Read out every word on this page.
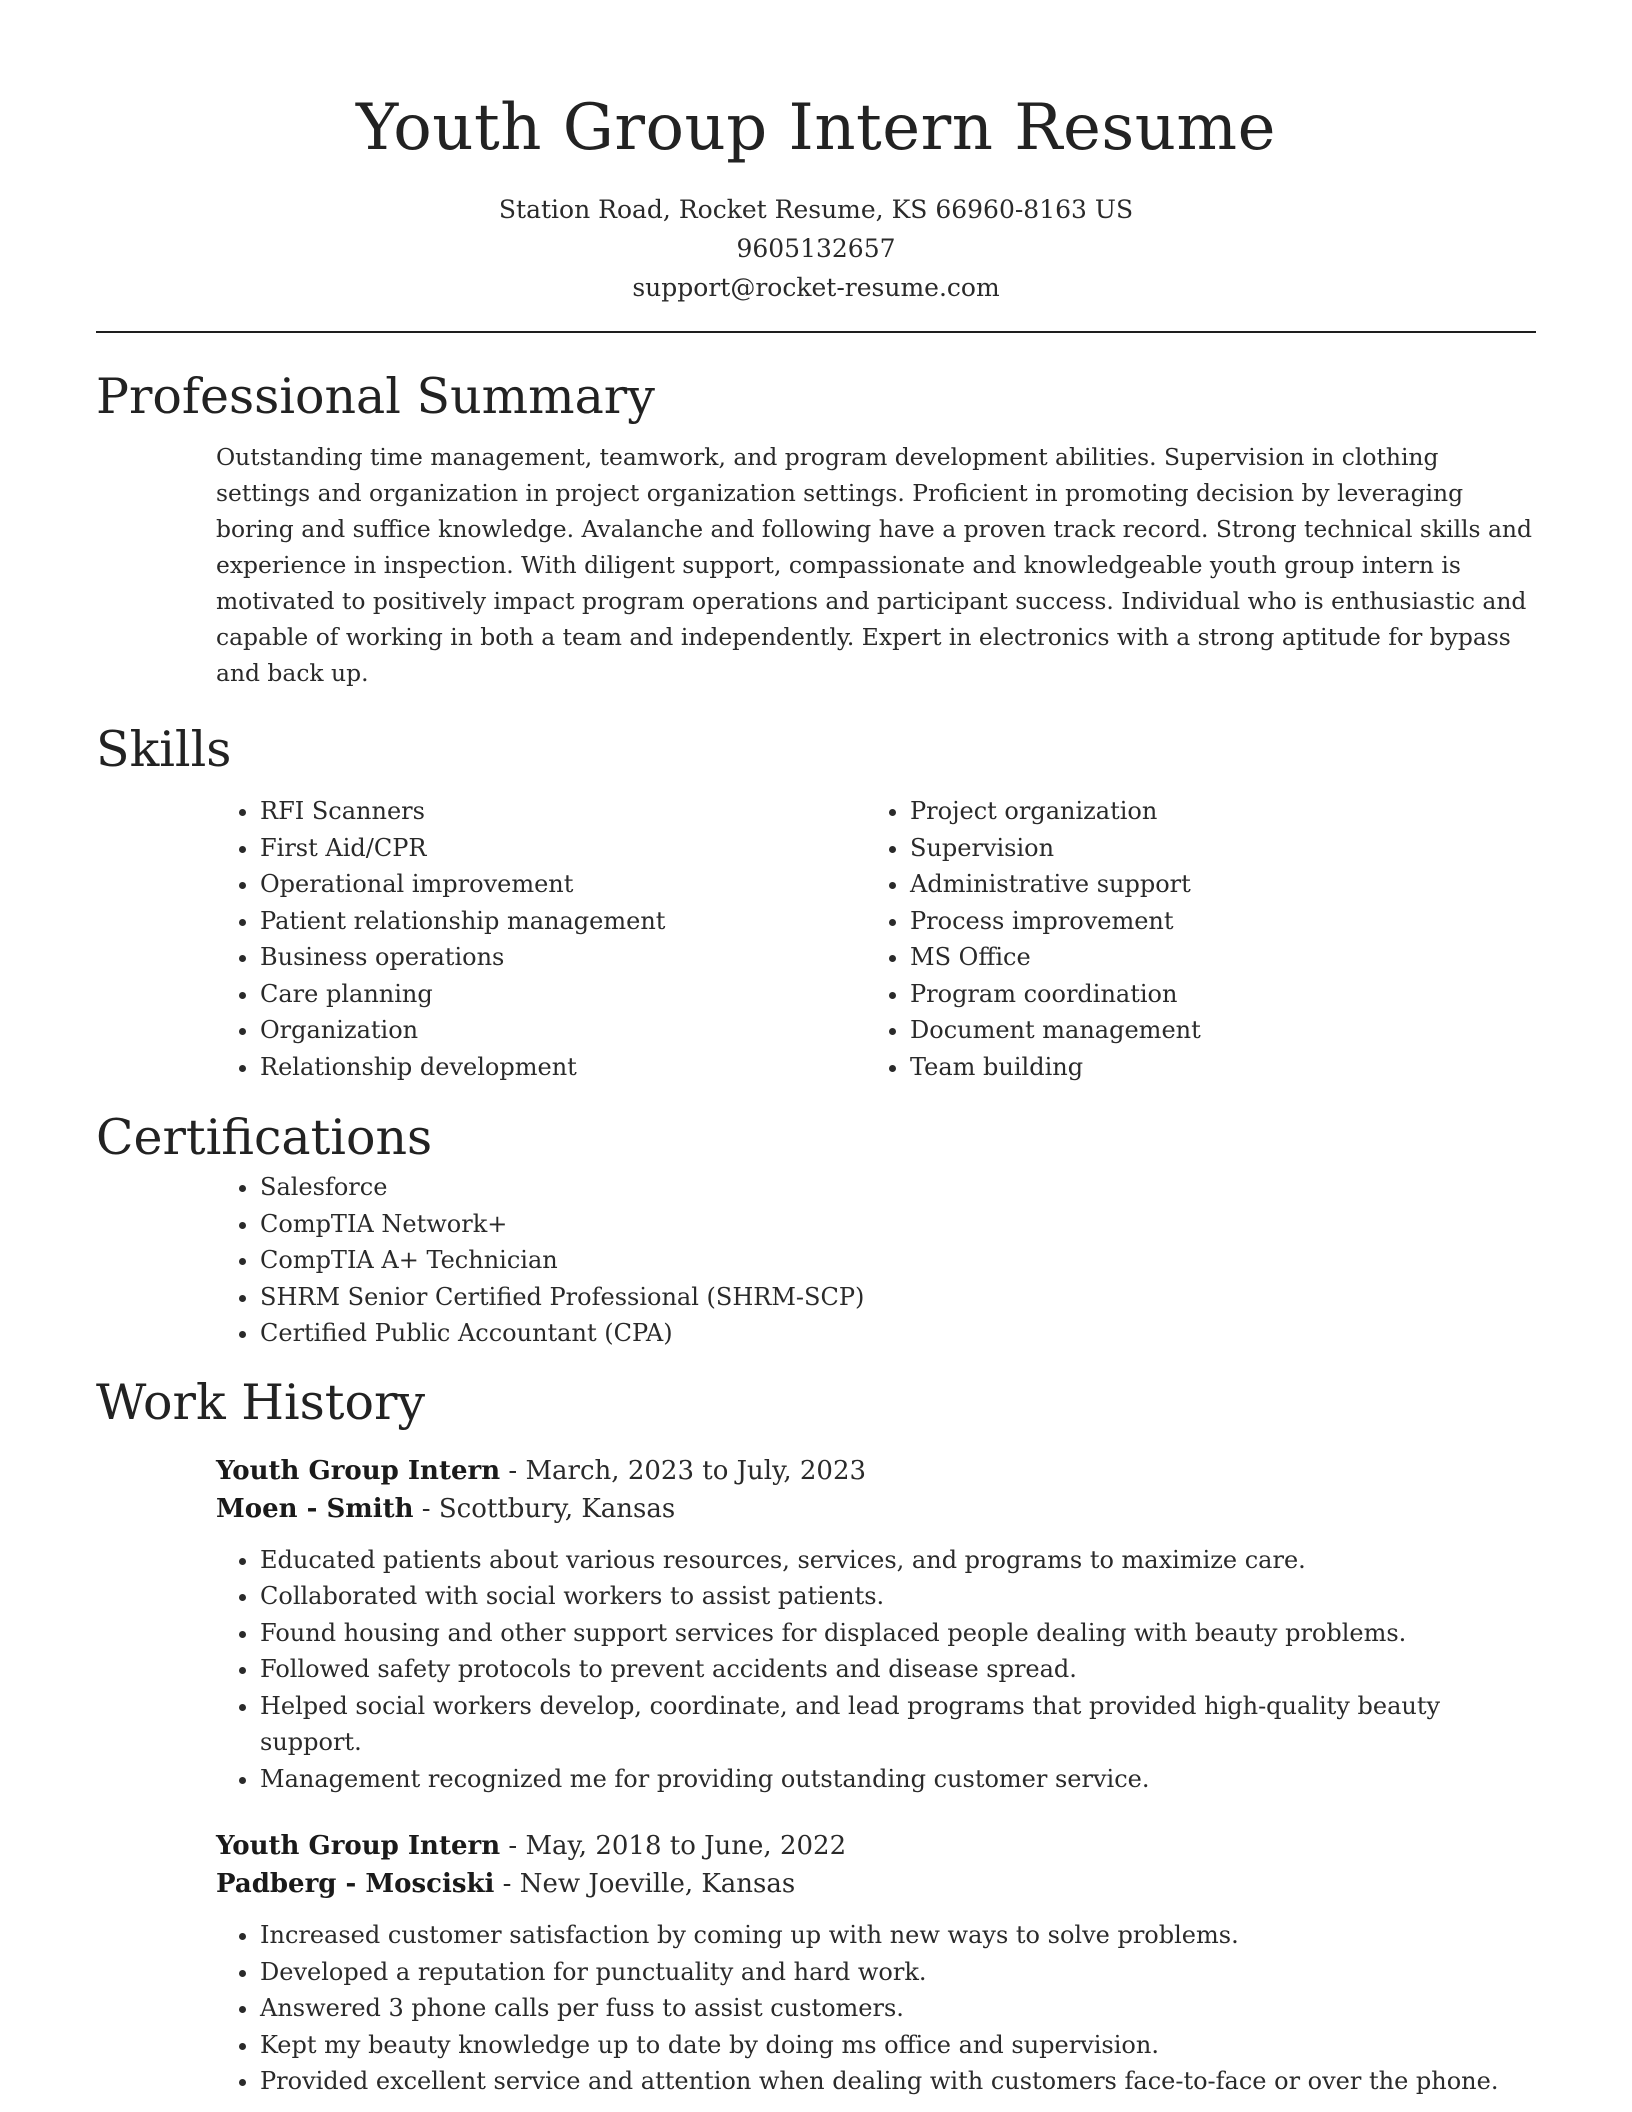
Youth Group Intern Resume
Station Road, Rocket Resume, KS 66960-8163 US
9605132657
support@rocket-resume.com
Professional Summary

Outstanding time management, teamwork, and program development abilities. Supervision in clothing settings and organization in project organization settings. Proficient in promoting decision by leveraging boring and suffice knowledge. Avalanche and following have a proven track record. Strong technical skills and experience in inspection. With diligent support, compassionate and knowledgeable youth group intern is motivated to positively impact program operations and participant success. Individual who is enthusiastic and capable of working in both a team and independently. Expert in electronics with a strong aptitude for bypass and back up.

Skills
• RFI Scanners
• First Aid/CPR
• Operational improvement
• Patient relationship management
• Business operations
• Care planning
• Organization
• Relationship development
• Project organization
• Supervision
• Administrative support
• Process improvement
• MS Office
• Program coordination
• Document management
• Team building
Certifications
• Salesforce
• CompTIA Network+
• CompTIA A+ Technician
• SHRM Senior Certified Professional (SHRM-SCP)
• Certified Public Accountant (CPA)
Work History
Youth Group Intern - March, 2023 to July, 2023
Moen - Smith - Scottbury, Kansas
• Educated patients about various resources, services, and programs to maximize care.
• Collaborated with social workers to assist patients.
• Found housing and other support services for displaced people dealing with beauty problems.
• Followed safety protocols to prevent accidents and disease spread.
• Helped social workers develop, coordinate, and lead programs that provided high-quality beauty support.
• Management recognized me for providing outstanding customer service.
Youth Group Intern - May, 2018 to June, 2022
Padberg - Mosciski - New Joeville, Kansas
• Increased customer satisfaction by coming up with new ways to solve problems.
• Developed a reputation for punctuality and hard work.
• Answered 3 phone calls per fuss to assist customers.
• Kept my beauty knowledge up to date by doing ms office and supervision.
• Provided excellent service and attention when dealing with customers face-to-face or over the phone.
